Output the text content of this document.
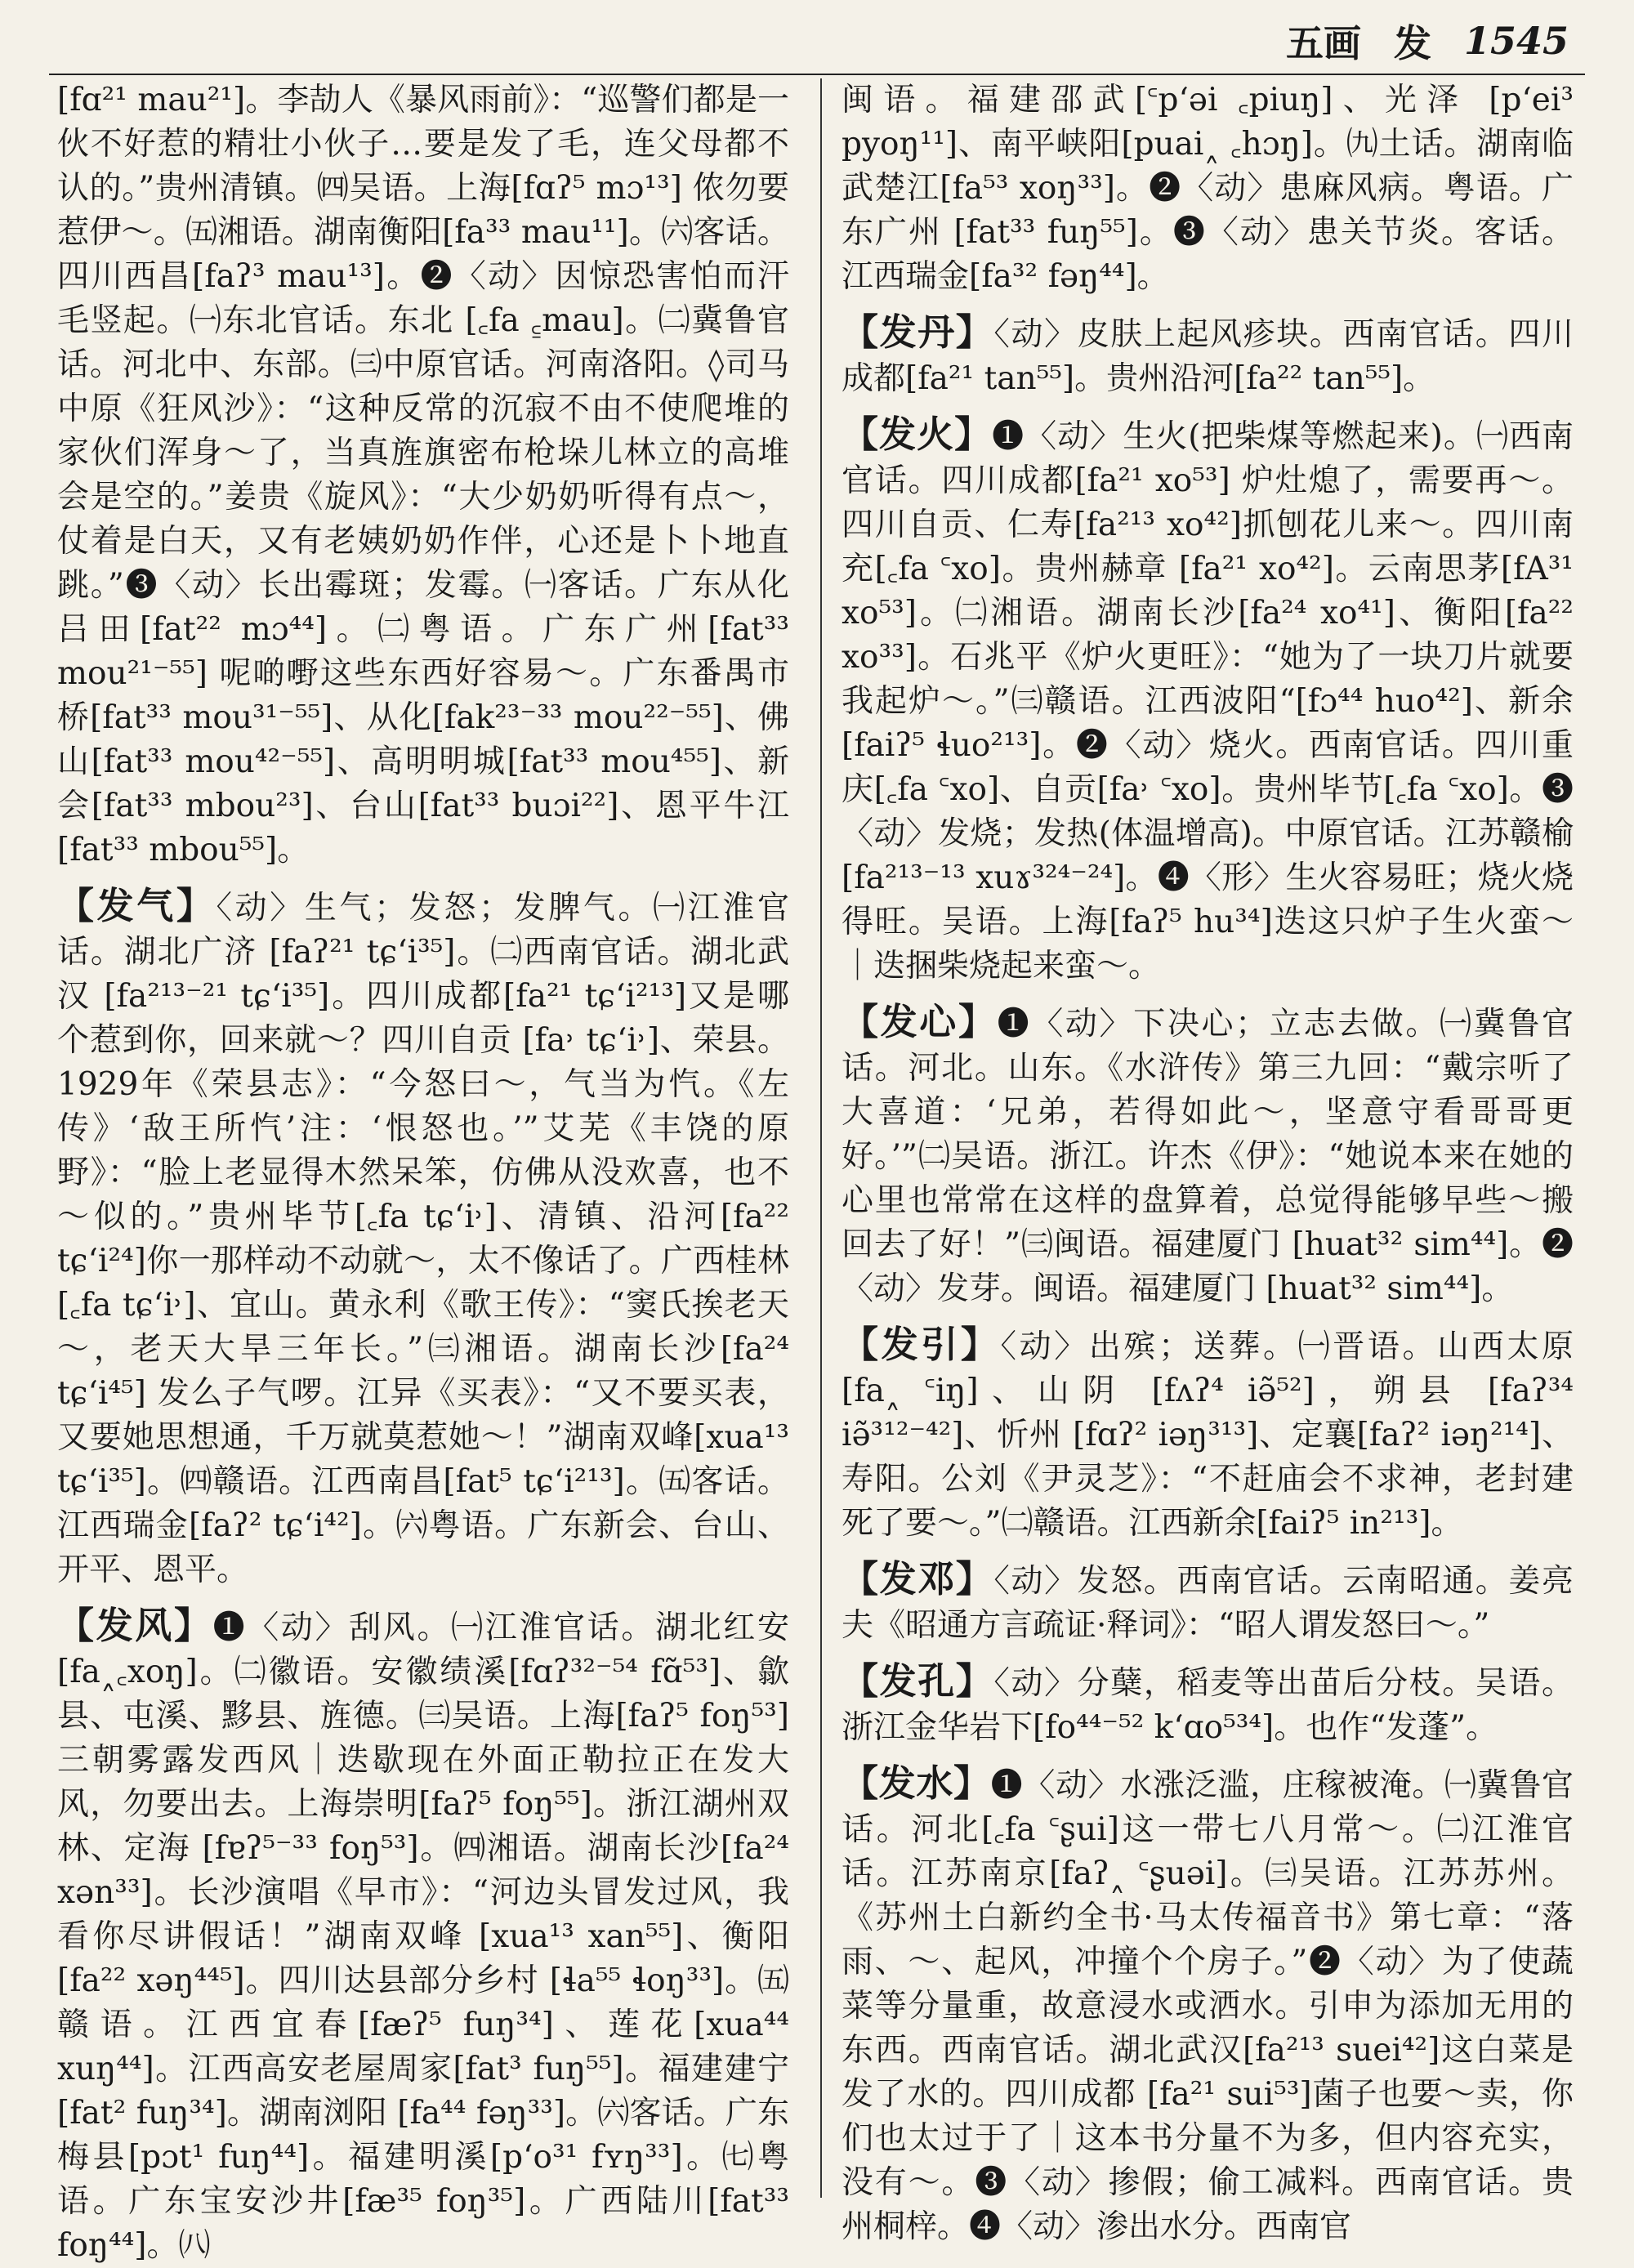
五画 发 1545

[fɑ²¹ mau²¹]。李劼人《暴风雨前》：“巡警们都是一伙不好惹的精壮小伙子…要是发了毛，连父母都不认的。”贵州清镇。㈣吴语。上海[fɑʔ⁵ mɔ¹³] 侬勿要惹伊～。㈤湘语。湖南衡阳[fa³³ mau¹¹]。㈥客话。四川西昌[faʔ³ mau¹³]。❷〈动〉因惊恐害怕而汗毛竖起。㈠东北官话。东北 [꜀fa ꜁mau]。㈡冀鲁官话。河北中、东部。㈢中原官话。河南洛阳。◊司马中原《狂风沙》：“这种反常的沉寂不由不使爬堆的家伙们浑身～了，当真旌旗密布枪垛儿林立的高堆会是空的。”姜贵《旋风》：“大少奶奶听得有点～，仗着是白天，又有老姨奶奶作伴，心还是卜卜地直跳。”❸〈动〉长出霉斑；发霉。㈠客话。广东从化吕田[fat²² mɔ⁴⁴]。㈡粤语。广东广州[fat³³ mou²¹⁻⁵⁵] 呢啲嘢这些东西好容易～。广东番禺市桥[fat³³ mou³¹⁻⁵⁵]、从化[fak²³⁻³³ mou²²⁻⁵⁵]、佛山[fat³³ mou⁴²⁻⁵⁵]、高明明城[fat³³ mou⁴⁵⁵]、新会[fat³³ mbou²³]、台山[fat³³ buɔi²²]、恩平牛江[fat³³ mbou⁵⁵]。

【发气】〈动〉生气；发怒；发脾气。㈠江淮官话。湖北广济 [faʔ²¹ tɕʻi³⁵]。㈡西南官话。湖北武汉 [fa²¹³⁻²¹ tɕʻi³⁵]。四川成都[fa²¹ tɕʻi²¹³]又是哪个惹到你，回来就～？四川自贡 [fa˒ tɕʻi˒]、荣县。1929年《荣县志》：“今怒曰～，气当为忾。《左传》‘敌王所忾’注：‘恨怒也。’”艾芜《丰饶的原野》：“脸上老显得木然呆笨，仿佛从没欢喜，也不～似的。”贵州毕节[꜀fa tɕʻi˒]、清镇、沿河[fa²² tɕʻi²⁴]你一那样动不动就～，太不像话了。广西桂林[꜀fa tɕʻi˒]、宜山。黄永利《歌王传》：“窦氏挨老天～，老天大旱三年长。”㈢湘语。湖南长沙[fa²⁴ tɕʻi⁴⁵] 发么子气啰。江异《买表》：“又不要买表，又要她思想通，千万就莫惹她～！”湖南双峰[xua¹³ tɕʻi³⁵]。㈣赣语。江西南昌[fat⁵ tɕʻi²¹³]。㈤客话。江西瑞金[faʔ² tɕʻi⁴²]。㈥粤语。广东新会、台山、开平、恩平。
【发风】❶〈动〉刮风。㈠江淮官话。湖北红安[fa˰꜀xoŋ]。㈡徽语。安徽绩溪[fɑʔ³²⁻⁵⁴ fɑ̃⁵³]、歙县、屯溪、黟县、旌德。㈢吴语。上海[faʔ⁵ foŋ⁵³]三朝雾露发西风｜迭歇现在外面正勒拉正在发大风，勿要出去。上海崇明[faʔ⁵ foŋ⁵⁵]。浙江湖州双林、定海 [fɐʔ⁵⁻³³ foŋ⁵³]。㈣湘语。湖南长沙[fa²⁴ xən³³]。长沙演唱《早市》：“河边头冒发过风，我看你尽讲假话！”湖南双峰 [xua¹³ xan⁵⁵]、衡阳[fa²² xəŋ⁴⁴⁵]。四川达县部分乡村 [ɬa⁵⁵ ɬoŋ³³]。㈤赣语。江西宜春[fæʔ⁵ fuŋ³⁴]、莲花[xua⁴⁴ xuŋ⁴⁴]。江西高安老屋周家[fat³ fuŋ⁵⁵]。福建建宁[fat² fuŋ³⁴]。湖南浏阳 [fa⁴⁴ fəŋ³³]。㈥客话。广东梅县[pɔt¹ fuŋ⁴⁴]。福建明溪[pʻo³¹ fʏŋ³³]。㈦粤语。广东宝安沙井[fæ³⁵ foŋ³⁵]。广西陆川[fat³³ foŋ⁴⁴]。㈧

闽语。福建邵武[꜂pʻəi ꜀piuŋ]、光泽 [pʻei³ pyoŋ¹¹]、南平峡阳[puai˰ ꜀hɔŋ]。㈨土话。湖南临武楚江[fa⁵³ xoŋ³³]。❷〈动〉患麻风病。粤语。广东广州 [fat³³ fuŋ⁵⁵]。❸〈动〉患关节炎。客话。江西瑞金[fa³² fəŋ⁴⁴]。

【发丹】〈动〉皮肤上起风疹块。西南官话。四川成都[fa²¹ tan⁵⁵]。贵州沿河[fa²² tan⁵⁵]。
【发火】❶〈动〉生火(把柴煤等燃起来)。㈠西南官话。四川成都[fa²¹ xo⁵³] 炉灶熄了，需要再～。四川自贡、仁寿[fa²¹³ xo⁴²]抓刨花儿来～。四川南充[꜀fa ꜂xo]。贵州赫章 [fa²¹ xo⁴²]。云南思茅[fA³¹ xo⁵³]。㈡湘语。湖南长沙[fa²⁴ xo⁴¹]、衡阳[fa²² xo³³]。石兆平《炉火更旺》：“她为了一块刀片就要我起炉～。”㈢赣语。江西波阳“[fɔ⁴⁴ huo⁴²]、新余[faiʔ⁵ ɬuo²¹³]。❷〈动〉烧火。西南官话。四川重庆[꜀fa ꜂xo]、自贡[fa˒ ꜂xo]。贵州毕节[꜀fa ꜂xo]。❸〈动〉发烧；发热(体温增高)。中原官话。江苏赣榆[fa²¹³⁻¹³ xuɤ³²⁴⁻²⁴]。❹〈形〉生火容易旺；烧火烧得旺。吴语。上海[faʔ⁵ hu³⁴]迭这只炉子生火蛮～｜迭捆柴烧起来蛮～。
【发心】❶〈动〉下决心；立志去做。㈠冀鲁官话。河北。山东。《水浒传》第三九回：“戴宗听了大喜道：‘兄弟，若得如此～，坚意守看哥哥更好。’”㈡吴语。浙江。许杰《伊》：“她说本来在她的心里也常常在这样的盘算着，总觉得能够早些～搬回去了好！”㈢闽语。福建厦门 [huat³² sim⁴⁴]。❷〈动〉发芽。闽语。福建厦门 [huat³² sim⁴⁴]。
【发引】〈动〉出殡；送葬。㈠晋语。山西太原 [fa˰ ꜂iŋ]、山阴 [fʌʔ⁴ iə̃⁵²]，朔县 [faʔ³⁴ iə̃³¹²⁻⁴²]、忻州 [fɑʔ² iəŋ³¹³]、定襄[faʔ² iəŋ²¹⁴]、寿阳。公刘《尹灵芝》：“不赶庙会不求神，老封建死了要～。”㈡赣语。江西新余[faiʔ⁵ in²¹³]。
【发邓】〈动〉发怒。西南官话。云南昭通。姜亮夫《昭通方言疏证·释词》：“昭人谓发怒曰～。”
【发孔】〈动〉分蘖，稻麦等出苗后分枝。吴语。浙江金华岩下[fo⁴⁴⁻⁵² kʻɑo⁵³⁴]。也作“发蓬”。
【发水】❶〈动〉水涨泛滥，庄稼被淹。㈠冀鲁官话。河北[꜀fa ꜂ʂui]这一带七八月常～。㈡江淮官话。江苏南京[faʔ˰ ꜂ʂuəi]。㈢吴语。江苏苏州。《苏州土白新约全书·马太传福音书》第七章：“落雨、～、起风，冲撞个个房子。”❷〈动〉为了使蔬菜等分量重，故意浸水或洒水。引申为添加无用的东西。西南官话。湖北武汉[fa²¹³ suei⁴²]这白菜是发了水的。四川成都 [fa²¹ sui⁵³]菌子也要～卖，你们也太过于了｜这本书分量不为多，但内容充实，没有～。❸〈动〉掺假；偷工减料。西南官话。贵州桐梓。❹〈动〉渗出水分。西南官
